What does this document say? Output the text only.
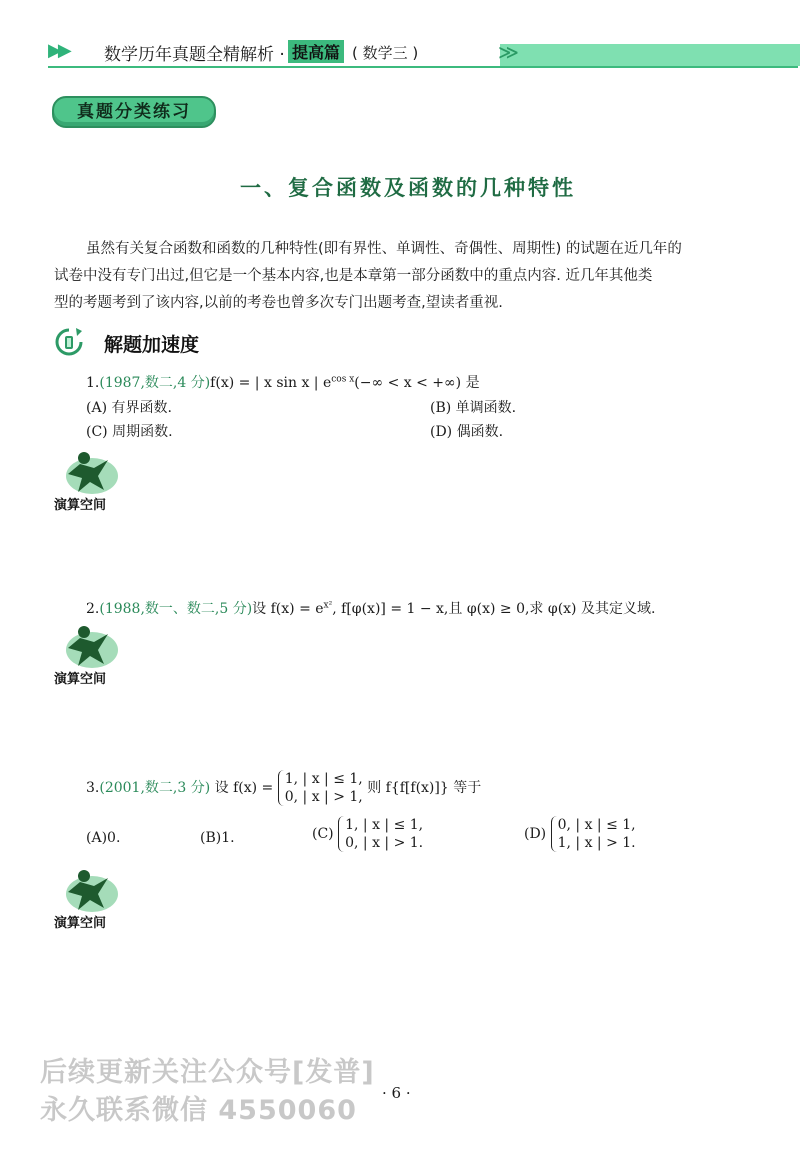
≫
▶▶ 数学历年真题全精解析 · 提高篇 ( 数学三 )
真题分类练习
一、复合函数及函数的几种特性

虽然有关复合函数和函数的几种特性(即有界性、单调性、奇偶性、周期性) 的试题在近几年的

试卷中没有专门出过,但它是一个基本内容,也是本章第一部分函数中的重点内容. 近几年其他类

型的考题考到了该内容,以前的考卷也曾多次专门出题考查,望读者重视.

解题加速度
1.(1987,数二,4 分)f(x) = | x sin x | $e^{cos x}(-\infty < x$ < +∞) 是
(A) 有界函数.	(B) 单调函数.
(C) 周期函数.	(D) 偶函数.
演算空间
2.(1988,数一、数二,5 分)设 $f(x) = e^{x^2}$, f[φ(x)] = 1 − x,且 φ(x) ≥ 0,求 φ(x) 及其定义域.
演算空间
3.(2001,数二,3 分) 设 f(x) =
1, | x | ≤ 1,
0, | x | > 1,
则 f{f[f(x)]} 等于
(A)0.	(B)1.	(C)
1, | x | ≤ 1,
0, | x | > 1.
(D)
0, | x | ≤ 1,
1, | x | > 1.
演算空间
后续更新关注公众号[发普]
永久联系微信 4550060
· 6 ·
